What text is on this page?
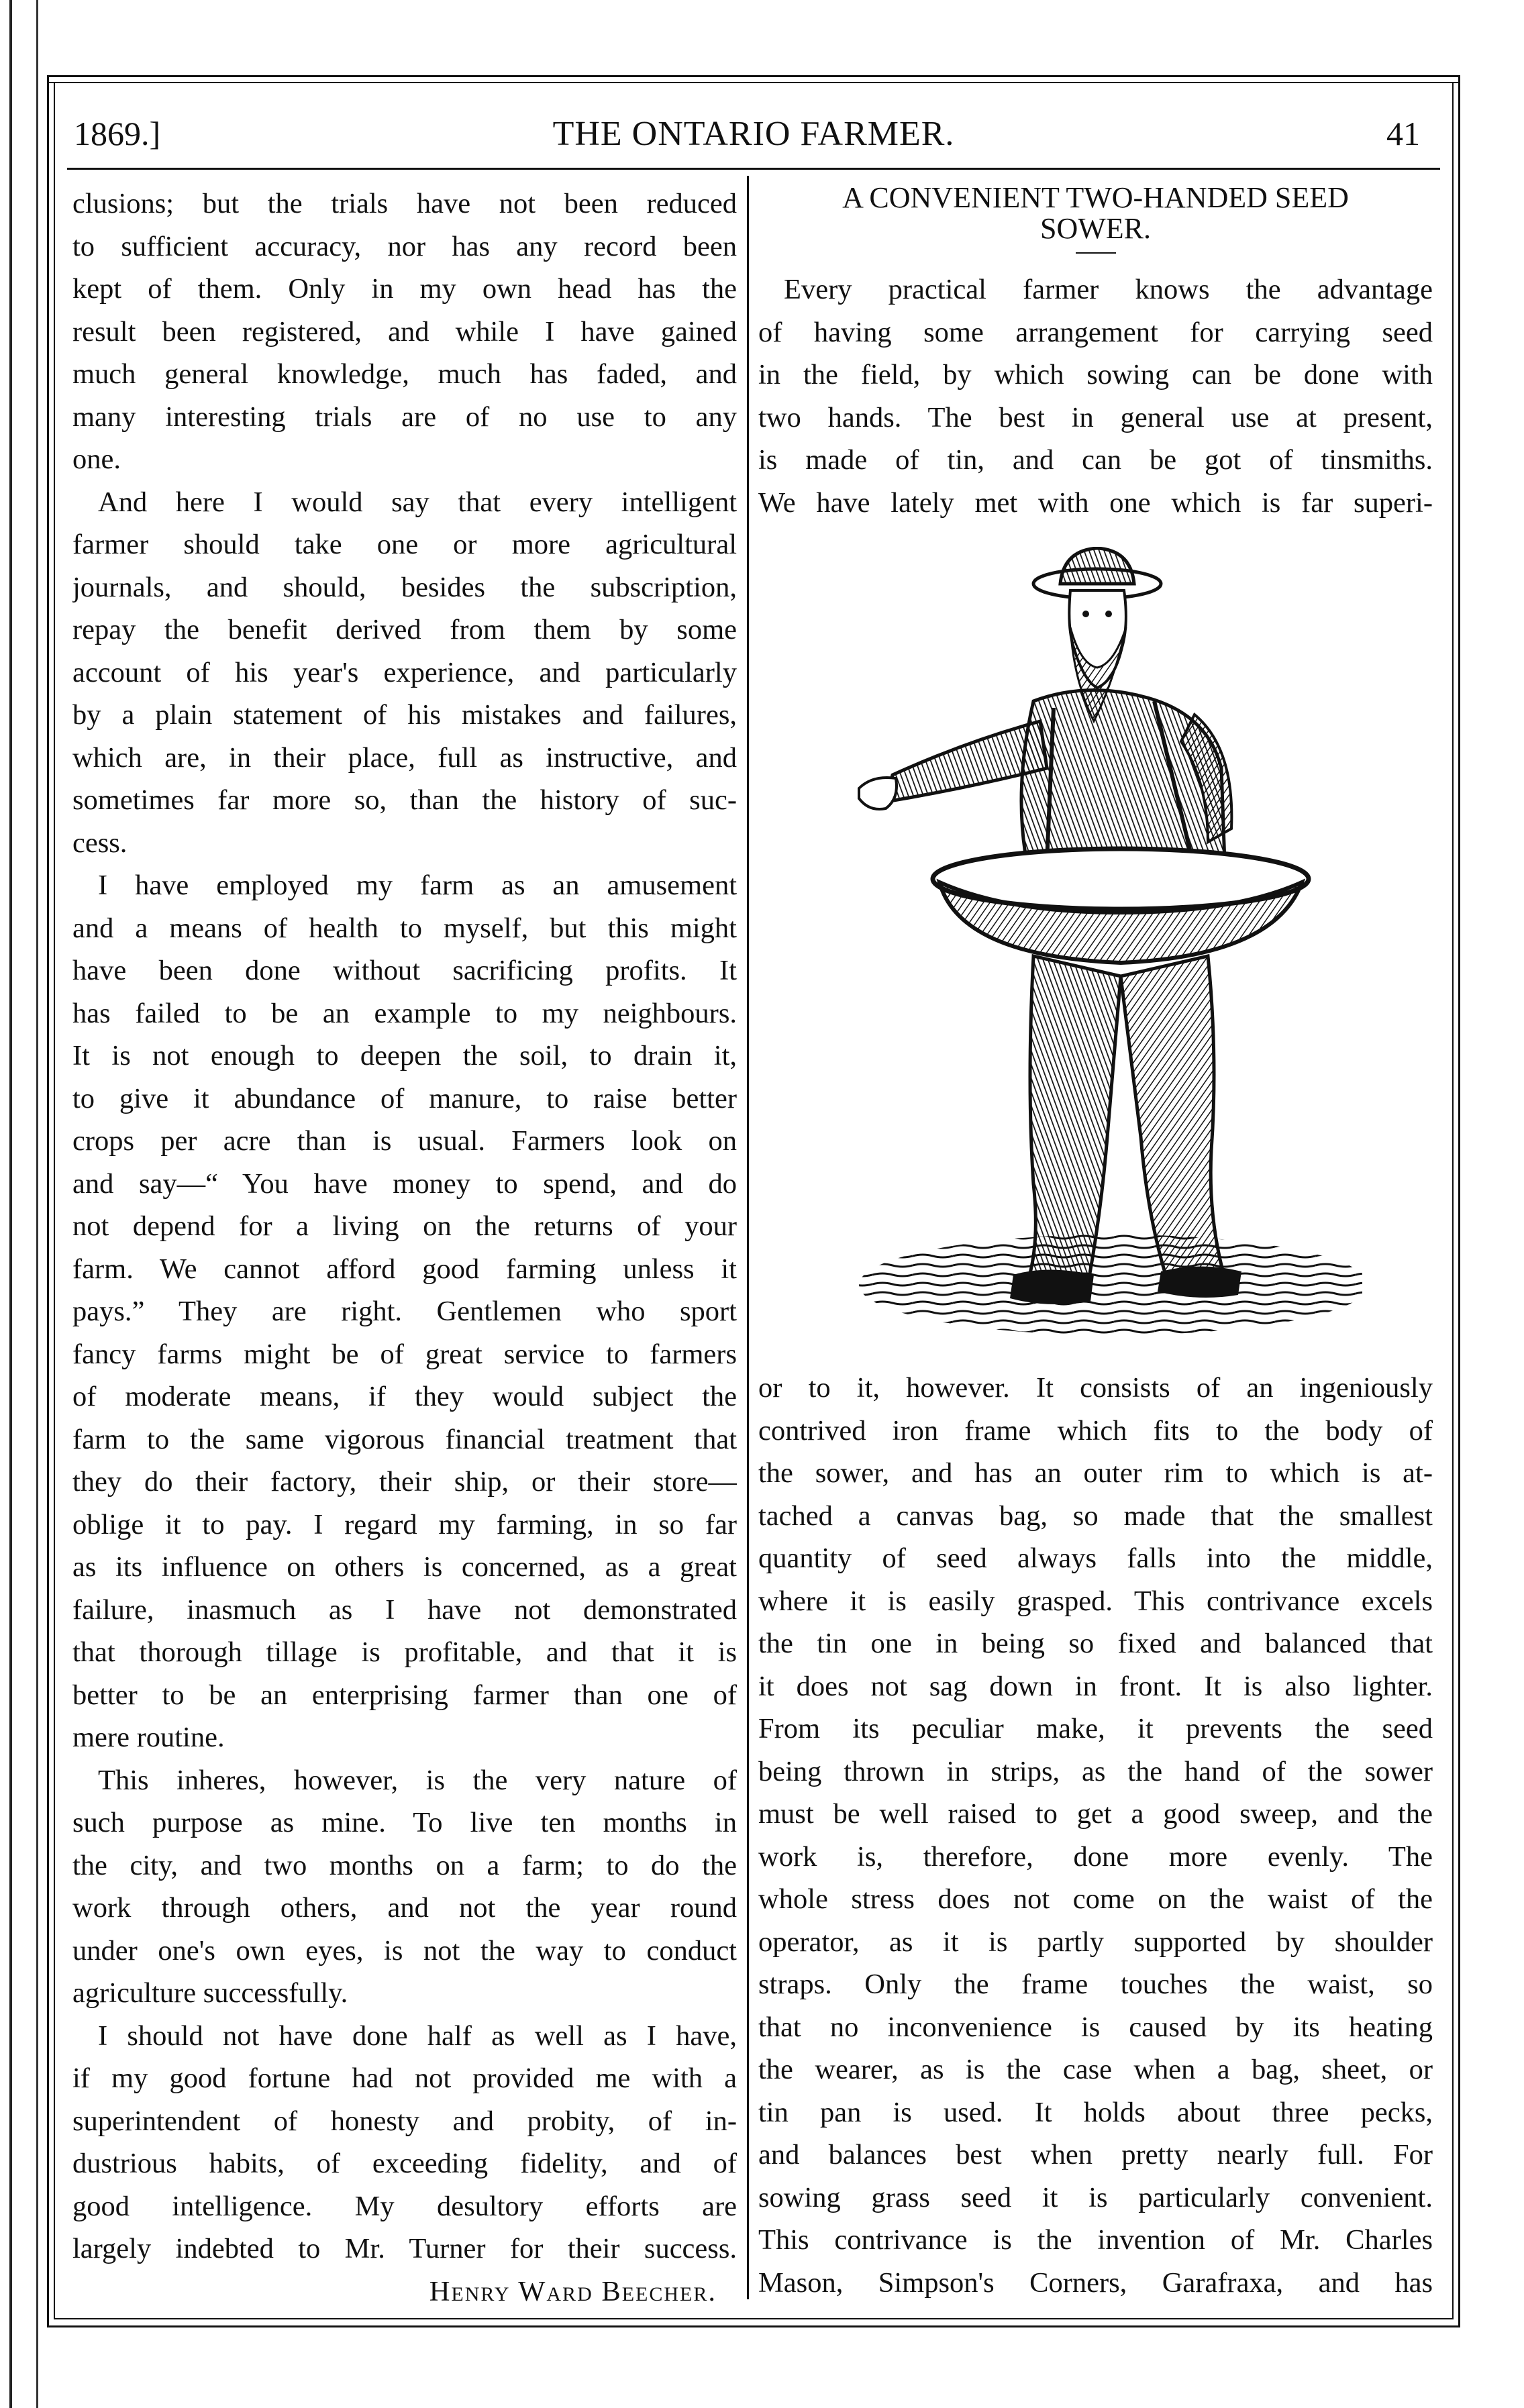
1869.]	THE ONTARIO FARMER.	41
clusions; but the trials have not been reduced
to sufficient accuracy, nor has any record been
kept of them. Only in my own head has the
result been registered, and while I have gained
much general knowledge, much has faded, and
many interesting trials are of no use to any
one.
And here I would say that every intelligent
farmer should take one or more agricultural
journals, and should, besides the subscription,
repay the benefit derived from them by some
account of his year's experience, and particularly
by a plain statement of his mistakes and failures,
which are, in their place, full as instructive, and
sometimes far more so, than the history of suc-
cess.
I have employed my farm as an amusement
and a means of health to myself, but this might
have been done without sacrificing profits. It
has failed to be an example to my neighbours.
It is not enough to deepen the soil, to drain it,
to give it abundance of manure, to raise better
crops per acre than is usual. Farmers look on
and say—“ You have money to spend, and do
not depend for a living on the returns of your
farm. We cannot afford good farming unless it
pays.” They are right. Gentlemen who sport
fancy farms might be of great service to farmers
of moderate means, if they would subject the
farm to the same vigorous financial treatment that
they do their factory, their ship, or their store—
oblige it to pay. I regard my farming, in so far
as its influence on others is concerned, as a great
failure, inasmuch as I have not demonstrated
that thorough tillage is profitable, and that it is
better to be an enterprising farmer than one of
mere routine.
This inheres, however, is the very nature of
such purpose as mine. To live ten months in
the city, and two months on a farm; to do the
work through others, and not the year round
under one's own eyes, is not the way to conduct
agriculture successfully.
I should not have done half as well as I have,
if my good fortune had not provided me with a
superintendent of honesty and probity, of in-
dustrious habits, of exceeding fidelity, and of
good intelligence. My desultory efforts are
largely indebted to Mr. Turner for their success.
Henry Ward Beecher.
A CONVENIENT TWO-HANDED SEED
SOWER.
Every practical farmer knows the advantage
of having some arrangement for carrying seed
in the field, by which sowing can be done with
two hands. The best in general use at present,
is made of tin, and can be got of tinsmiths.
We have lately met with one which is far superi-
or to it, however. It consists of an ingeniously
contrived iron frame which fits to the body of
the sower, and has an outer rim to which is at-
tached a canvas bag, so made that the smallest
quantity of seed always falls into the middle,
where it is easily grasped. This contrivance excels
the tin one in being so fixed and balanced that
it does not sag down in front. It is also lighter.
From its peculiar make, it prevents the seed
being thrown in strips, as the hand of the sower
must be well raised to get a good sweep, and the
work is, therefore, done more evenly. The
whole stress does not come on the waist of the
operator, as it is partly supported by shoulder
straps. Only the frame touches the waist, so
that no inconvenience is caused by its heating
the wearer, as is the case when a bag, sheet, or
tin pan is used. It holds about three pecks,
and balances best when pretty nearly full. For
sowing grass seed it is particularly convenient.
This contrivance is the invention of Mr. Charles
Mason, Simpson's Corners, Garafraxa, and has
